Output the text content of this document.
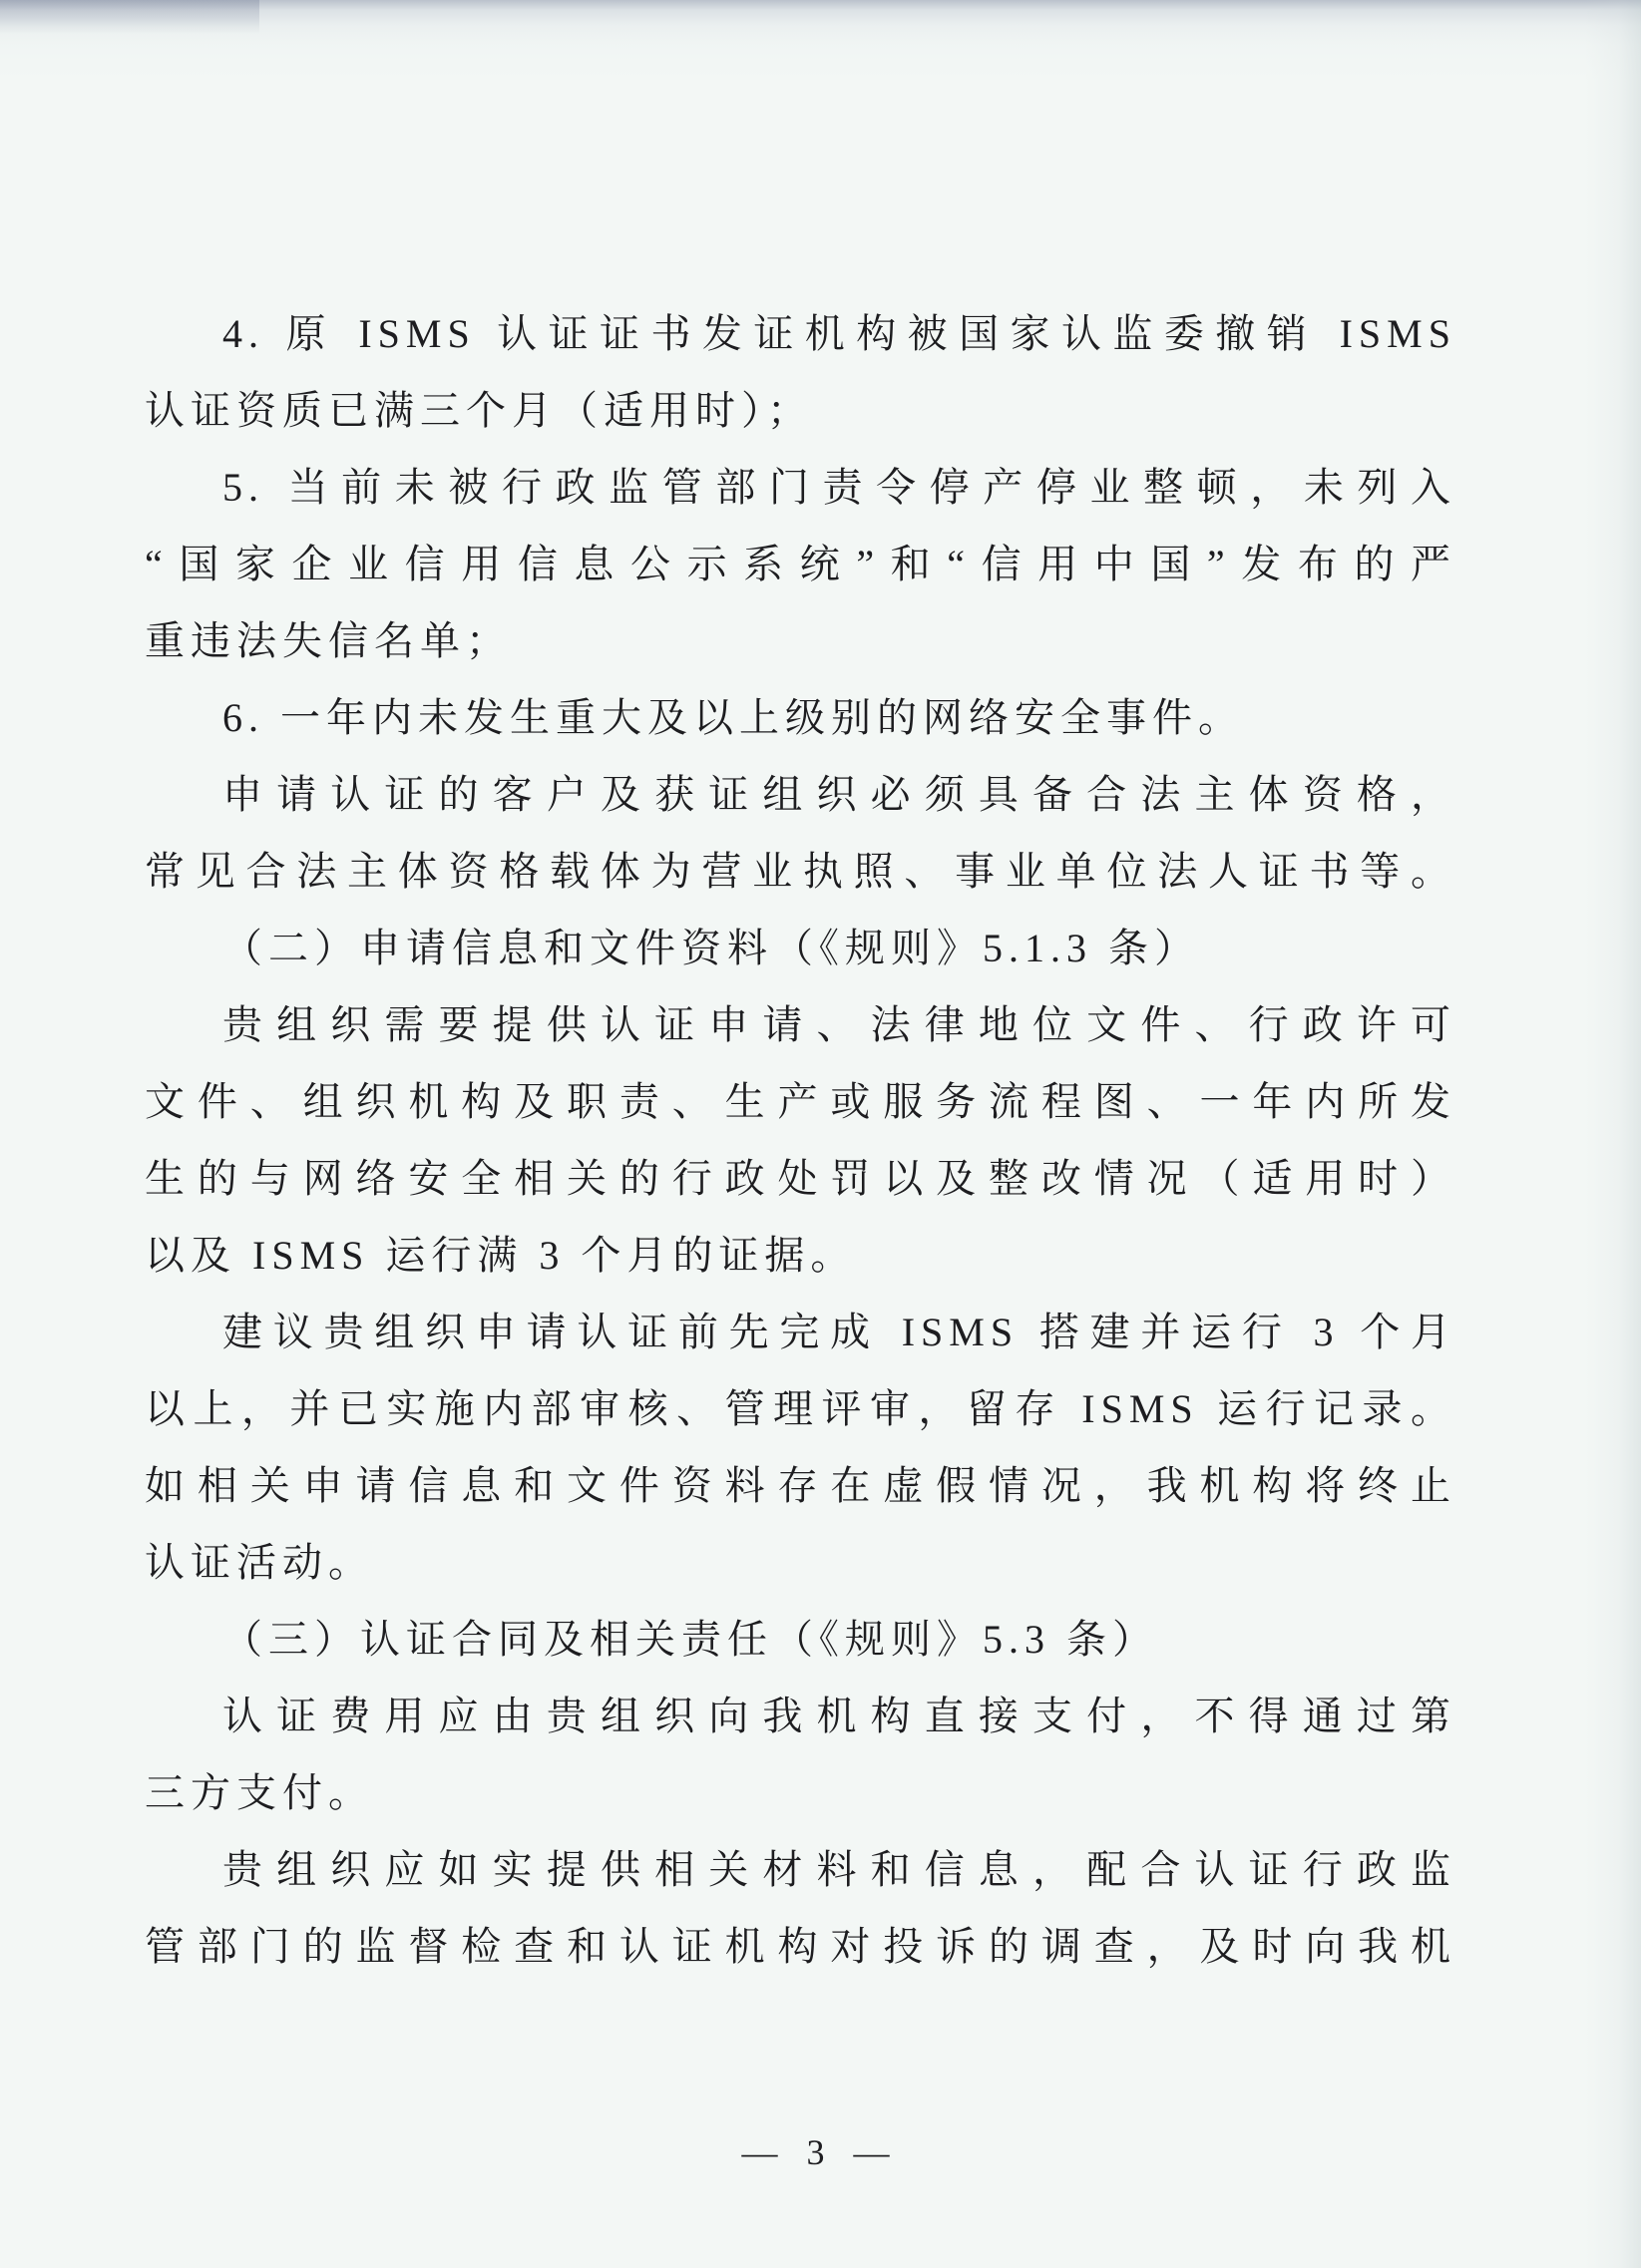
4. 原 ISMS 认证证书发证机构被国家认监委撤销 ISMS
认证资质已满三个月（适用时）；
5. 当前未被行政监管部门责令停产停业整顿，未列入
“国家企业信用信息公示系统”和“信用中国”发布的严
重违法失信名单；
6. 一年内未发生重大及以上级别的网络安全事件。
申请认证的客户及获证组织必须具备合法主体资格，
常见合法主体资格载体为营业执照、事业单位法人证书等。
（二）申请信息和文件资料（《规则》5.1.3 条）
贵组织需要提供认证申请、法律地位文件、行政许可
文件、组织机构及职责、生产或服务流程图、一年内所发
生的与网络安全相关的行政处罚以及整改情况（适用时）
以及 ISMS 运行满 3 个月的证据。
建议贵组织申请认证前先完成 ISMS 搭建并运行 3 个月
以上，并已实施内部审核、管理评审，留存 ISMS 运行记录。
如相关申请信息和文件资料存在虚假情况，我机构将终止
认证活动。
（三）认证合同及相关责任（《规则》5.3 条）
认证费用应由贵组织向我机构直接支付，不得通过第
三方支付。
贵组织应如实提供相关材料和信息，配合认证行政监
管部门的监督检查和认证机构对投诉的调查，及时向我机
— 3 —
